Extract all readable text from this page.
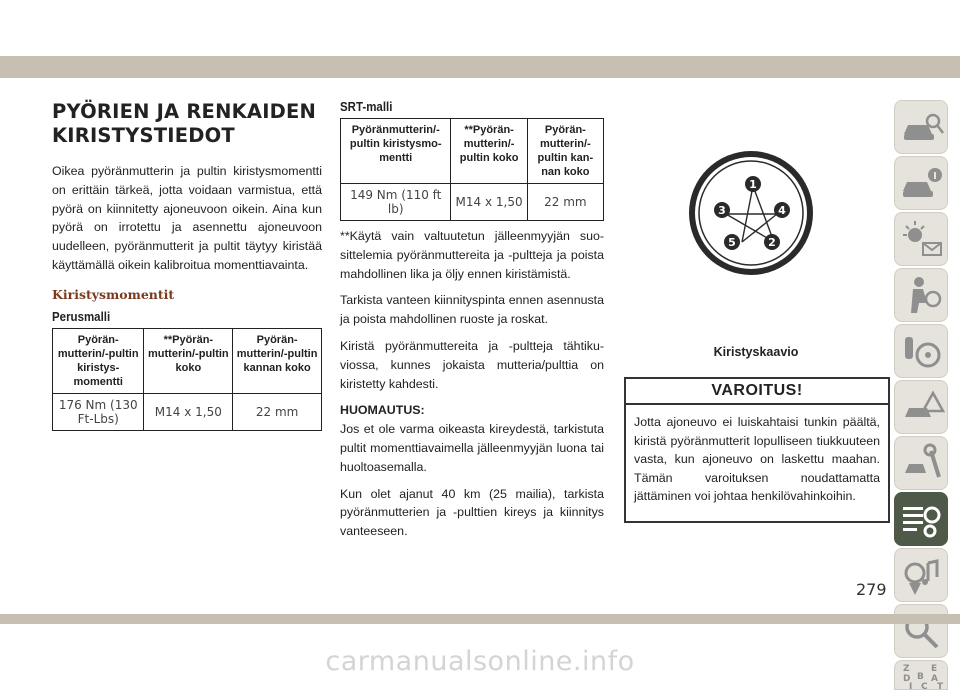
PYÖRIEN JA RENKAIDEN KIRISTYSTIEDOT

Oikea pyöränmutterin ja pultin kiristysmomentti on erittäin tärkeä, jotta voidaan varmistua, että pyörä on kiinnitetty ajoneuvoon oikein. Aina kun pyörä on irrotettu ja asennettu ajoneuvoon uudelleen, pyöränmutterit ja pultit täytyy kiristää käyttämällä oikein kalibroitua momenttiavainta.

Kiristysmomentit
Perusmalli
Pyöränmutterin/-pultin kiristysmomentti	**Pyöränmutterin/-pultin koko	Pyöränmutterin/-pultin kannan koko
176 Nm (130 Ft-Lbs)	M14 x 1,50	22 mm
SRT-malli
Pyöränmutterin/-pultin kiristysmomentti	**Pyöränmutterin/-pultin koko	Pyöränmutterin/-pultin kannan koko
149 Nm (110 ft lb)	M14 x 1,50	22 mm

**Käytä vain valtuutetun jälleenmyyjän suosittelemia pyöränmuttereita ja -pultteja ja poista mahdollinen lika ja öljy ennen kiristämistä.

Tarkista vanteen kiinnityspinta ennen asennusta ja poista mahdollinen ruoste ja roskat.

Kiristä pyöränmuttereita ja -pultteja tähtikuviossa, kunnes jokaista mutteria/pulttia on kiristetty kahdesti.

HUOMAUTUS:

Jos et ole varma oikeasta kireydestä, tarkistuta pultit momenttiavaimella jälleenmyyjän luona tai huoltoasemalla.

Kun olet ajanut 40 km (25 mailia), tarkista pyöränmutterien ja -pulttien kireys ja kiinnitys vanteeseen.

1
4
3
5	2
Kiristyskaavio
VAROITUS!
Jotta ajoneuvo ei luiskahtaisi tunkin päältä, kiristä pyöränmutterit lopulliseen tiukkuuteen vasta, kun ajoneuvo on laskettu maahan. Tämän varoituksen noudattamatta jättäminen voi johtaa henkilövahinkoihin.
Z E
B A
I C
D
T
279
carmanualsonline.info
